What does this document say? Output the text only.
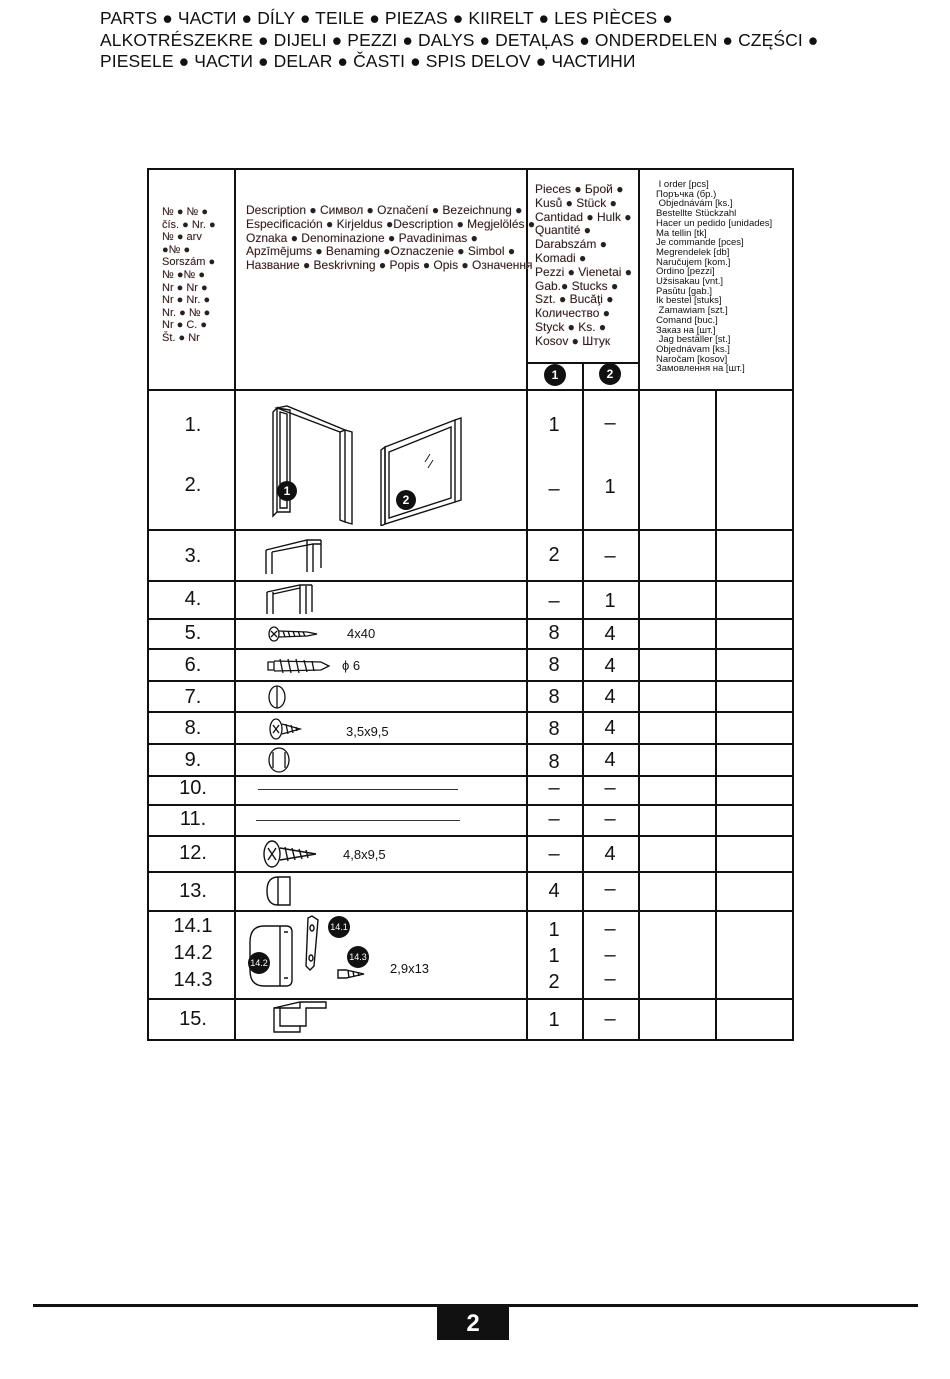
PARTS ● ЧАСТИ ● DÍLY ● TEILE ● PIEZAS ● KIIRELT ● LES PIÈCES ●
ALKOTRÉSZEKRE ● DIJELI ● PEZZI ● DALYS ● DETAĻAS ● ONDERDELEN ● CZĘŚCI ●
PIESELE ● ЧАСТИ ● DELAR ● ČASTI ● SPIS DELOV ● ЧАСТИНИ
№ ● № ●
čís. ● Nr. ●
№ ● arv
●№ ●
Sorszám ●
№ ●№ ●
Nr ● Nr ●
Nr ● Nr. ●
Nr. ● № ●
Nr ● C. ●
Št. ● Nr
Description ● Символ ● Označení ● Bezeichnung ●
Especificación ● Kirjeldus ●Description ● Megjelölés ●
Oznaka ● Denominazione ● Pavadinimas ●
Apzīmējums ● Benaming ●Oznaczenie ● Simbol ●
Название ● Beskrivning ● Popis ● Opis ● Означення
Pieces ● Брой ●
Kusů ● Stück ●
Cantidad ● Hulk ●
Quantité ●
Darabszám ●
Komadi ●
Pezzi ● Vienetai ●
Gab.● Stucks ●
Szt. ● Bucăţi ●
Количество ●
Styck ● Ks. ●
Kosov ● Штук
I order [pcs]
Поръчка (бр.)
Objednávám [ks.]
Bestellte Stückzahl
Hacer un pedido [unidades]
Ma tellin [tk]
Je commande [pces]
Megrendelek [db]
Naručujem [kom.]
Ordino [pezzi]
Užsisakau [vnt.]
Pasūtu [gab.]
Ik bestel [stuks]
Zamawiam [szt.]
Comand [buc.]
Заказ на [шт.]
Jag beställer [st.]
Objednávam [ks.]
Naročam [kosov]
Замовлення на [шт.]
1	2
1.
2.
3.
4.
5.
6.
7.
8.
9.
10.
11.
12.
13.
14.1
14.2
14.3
15.
1
–
2
–
8
8
8
8
8
–
–
–
4
1
1
2
1
–
1
–
1
4
4
4
4
4
–
–
4
–
–
–
–
–
4x40
ϕ 6
3,5x9,5
4,8x9,5
2,9x13
1
2
14.1
14.2
14.3
2
